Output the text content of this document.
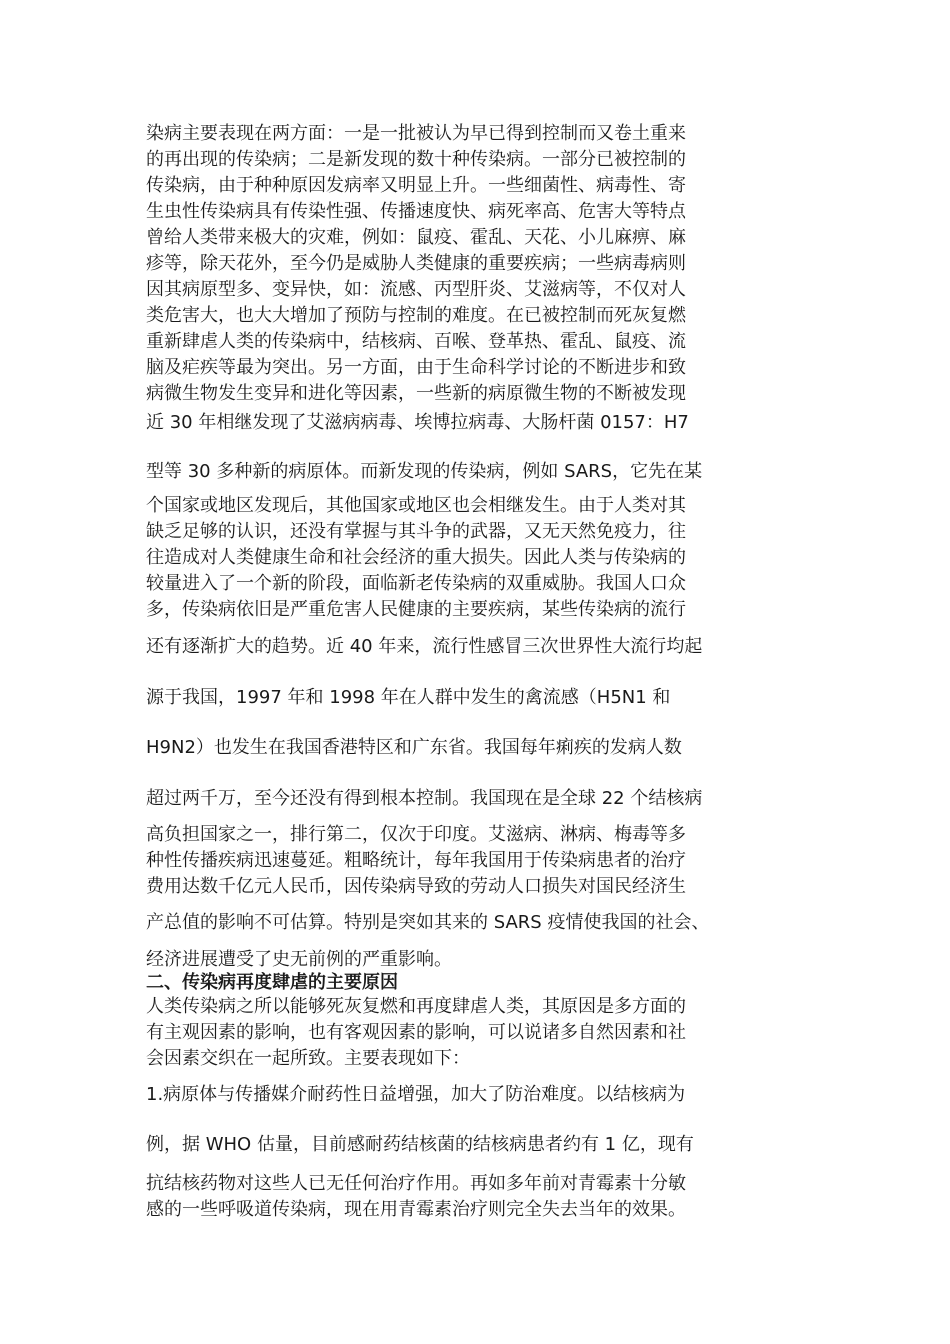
染病主要表现在两方面：一是一批被认为早已得到控制而又卷土重来
的再出现的传染病；二是新发现的数十种传染病。一部分已被控制的
传染病，由于种种原因发病率又明显上升。一些细菌性、病毒性、寄
生虫性传染病具有传染性强、传播速度快、病死率高、危害大等特点
曾给人类带来极大的灾难，例如：鼠疫、霍乱、天花、小儿麻痹、麻
疹等，除天花外，至今仍是威胁人类健康的重要疾病；一些病毒病则
因其病原型多、变异快，如：流感、丙型肝炎、艾滋病等，不仅对人
类危害大，也大大增加了预防与控制的难度。在已被控制而死灰复燃
重新肆虐人类的传染病中，结核病、百喉、登革热、霍乱、鼠疫、流
脑及疟疾等最为突出。另一方面，由于生命科学讨论的不断进步和致
病微生物发生变异和进化等因素，一些新的病原微生物的不断被发现
近 30 年相继发现了艾滋病病毒、埃博拉病毒、大肠杆菌 0157：H7
型等 30 多种新的病原体。而新发现的传染病，例如 SARS，它先在某
个国家或地区发现后，其他国家或地区也会相继发生。由于人类对其
缺乏足够的认识，还没有掌握与其斗争的武器，又无天然免疫力，往
往造成对人类健康生命和社会经济的重大损失。因此人类与传染病的
较量进入了一个新的阶段，面临新老传染病的双重威胁。我国人口众
多，传染病依旧是严重危害人民健康的主要疾病，某些传染病的流行
还有逐渐扩大的趋势。近 40 年来，流行性感冒三次世界性大流行均起
源于我国，1997 年和 1998 年在人群中发生的禽流感（H5N1 和
H9N2）也发生在我国香港特区和广东省。我国每年痢疾的发病人数
超过两千万，至今还没有得到根本控制。我国现在是全球 22 个结核病
高负担国家之一，排行第二，仅次于印度。艾滋病、淋病、梅毒等多
种性传播疾病迅速蔓延。粗略统计，每年我国用于传染病患者的治疗
费用达数千亿元人民币，因传染病导致的劳动人口损失对国民经济生
产总值的影响不可估算。特别是突如其来的 SARS 疫情使我国的社会、
经济进展遭受了史无前例的严重影响。
二、传染病再度肆虐的主要原因
人类传染病之所以能够死灰复燃和再度肆虐人类，其原因是多方面的
有主观因素的影响，也有客观因素的影响，可以说诸多自然因素和社
会因素交织在一起所致。主要表现如下：
1.病原体与传播媒介耐药性日益增强，加大了防治难度。以结核病为
例，据 WHO 估量，目前感耐药结核菌的结核病患者约有 1 亿，现有
抗结核药物对这些人已无任何治疗作用。再如多年前对青霉素十分敏
感的一些呼吸道传染病，现在用青霉素治疗则完全失去当年的效果。
